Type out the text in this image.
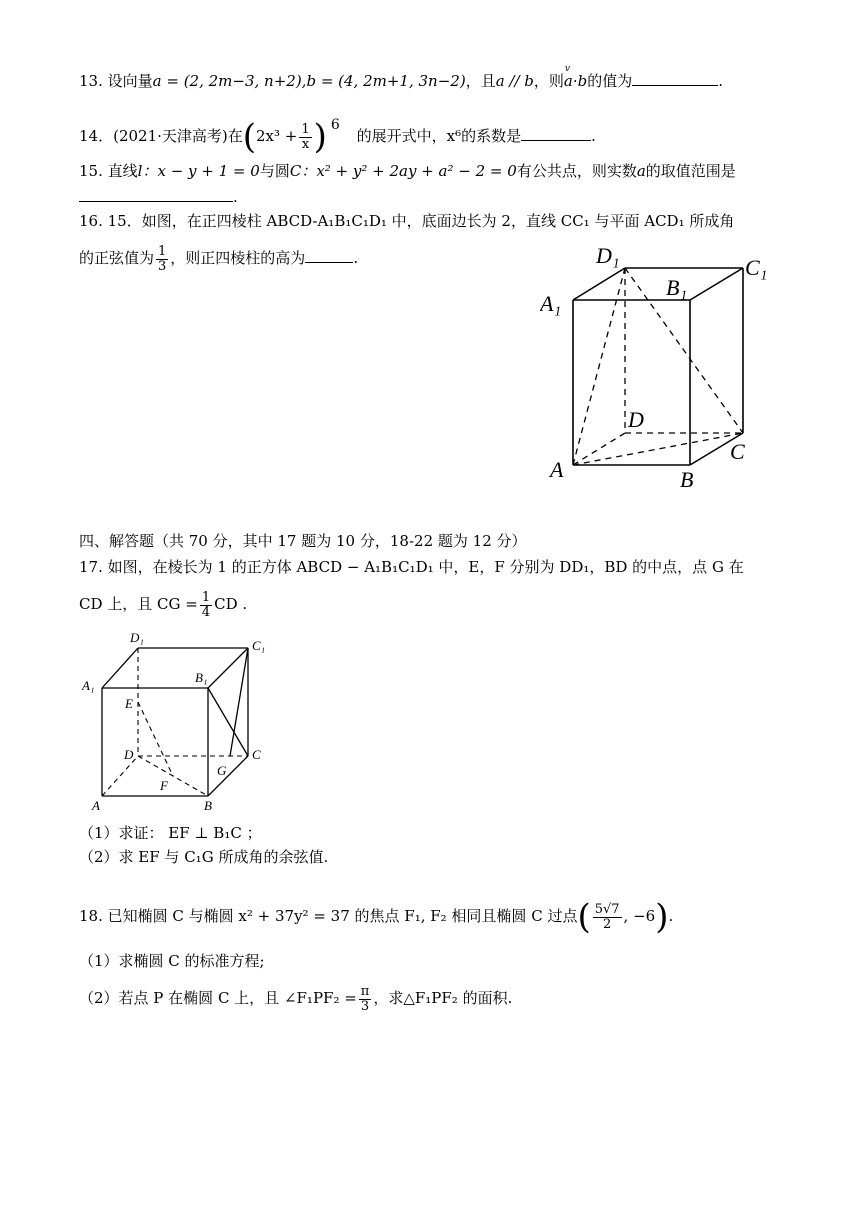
13. 设向量a = (2, 2m−3, n+2),b = (4, 2m+1, 3n−2)，且a // b，则v a·b的值为	.
14．(2021·天津高考)在($2x^3 + \frac{1}{x}$ ) 6 的展开式中，x⁶的系数是	.
15. 直线l：x − y + 1 = 0与圆C：x² + y² + 2ay + a² − 2 = 0有公共点，则实数a的取值范围是
.
16. 15．如图，在正四棱柱 ABCD-A₁B₁C₁D₁ 中，底面边长为 2，直线 CC₁ 与平面 ACD₁ 所成角
的正弦值为 $\frac{1}{3}$ ，则正四棱柱的高为	.	D₁	C₁
B₁
A₁
D
A
C
B
四、解答题（共 70 分，其中 17 题为 10 分，18-22 题为 12 分）
17. 如图，在棱长为 1 的正方体 ABCD − A₁B₁C₁D₁ 中，E，F 分别为 DD₁，BD 的中点，点 G 在
CD 上，且 CG = $\frac{1}{4}$ CD .
D₁
C₁
A₁
B₁
E
D	C
G
F
A	B
（1）求证： EF ⊥ B₁C ；
（2）求 EF 与 C₁G 所成角的余弦值.
18. 已知椭圆 C 与椭圆 x² + 37y² = 37 的焦点 F₁, F₂ 相同且椭圆 C 过点( $\frac{5√7}{2}$ , −6).
（1）求椭圆 C 的标准方程;
（2）若点 P 在椭圆 C 上，且 ∠F₁PF₂ = $\frac{\pi}{3}$ ，求△F₁PF₂ 的面积.
